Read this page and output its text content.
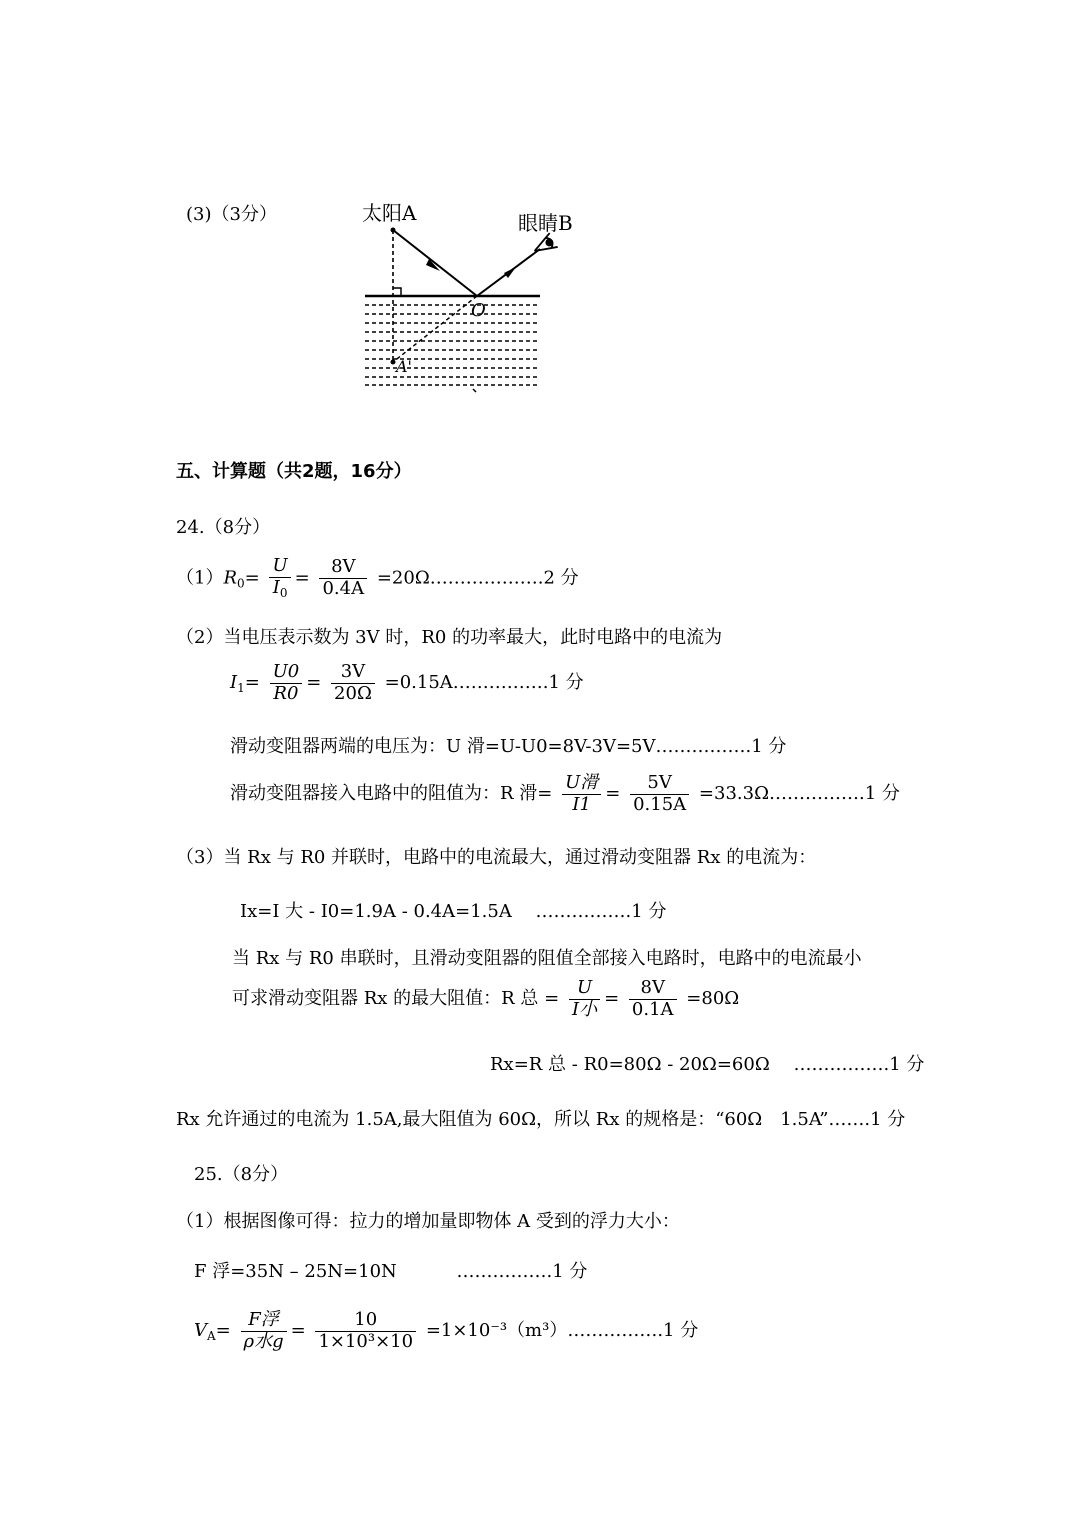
(3)（3分）	太阳A	眼睛B
O
A'
五、计算题（共2题，16分）
24.（8分）
$(1)R_0= \frac{U}{I_0} = \frac{8V}{0.4A}$ =20Ω……………….2 分
（2）当电压表示数为 3V 时，R0 的功率最大，此时电路中的电流为
$I_1= \frac{U0}{R0} = \frac{3V}{20\Omega}$ =0.15A…………….1 分
滑动变阻器两端的电压为：U 滑=U-U0=8V-3V=5V…………….1 分
滑动变阻器接入电路中的阻值为：R 滑= $\frac{\text{U滑}}{I1} = \frac{5V}{0.15A}$ =33.3Ω…………….1 分
（3）当 Rx 与 R0 并联时，电路中的电流最大，通过滑动变阻器 Rx 的电流为：
Ix=I 大 - I0=1.9A - 0.4A=1.5A　 …………….1 分
当 Rx 与 R0 串联时，且滑动变阻器的阻值全部接入电路时，电路中的电流最小
可求滑动变阻器 Rx 的最大阻值：R 总 = $\frac{U}{\text{I小}} = \frac{8V}{0.1A} =80\Omega$
Rx=R 总 - R0=80Ω - 20Ω=60Ω　 …………….1 分
Rx 允许通过的电流为 1.5A,最大阻值为 60Ω，所以 Rx 的规格是：“60Ω　1.5A”…….1 分
25.（8分）
（1）根据图像可得：拉力的增加量即物体 A 受到的浮力大小：
F 浮=35N – 25N=10N　　　 …………….1 分
$V_A= \frac{\text{F浮}}{\text{ρ水g}} = \frac{10}{\text{1×10³×10}}$ =1×10⁻³（m³）…………….1 分
